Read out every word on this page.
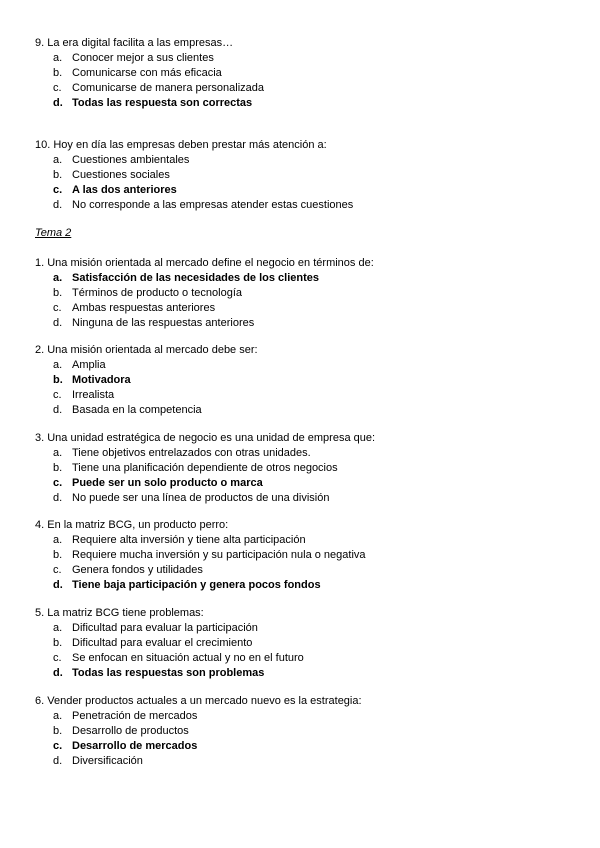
9. La era digital facilita a las empresas…
a. Conocer mejor a sus clientes
b. Comunicarse con más eficacia
c. Comunicarse de manera personalizada
d. Todas las respuesta son correctas
10. Hoy en día las empresas deben prestar más atención a:
a. Cuestiones ambientales
b. Cuestiones sociales
c. A las dos anteriores
d. No corresponde a las empresas atender estas cuestiones
Tema 2
1. Una misión orientada al mercado define el negocio en términos de:
a. Satisfacción de las necesidades de los clientes
b. Términos de producto o tecnología
c. Ambas respuestas anteriores
d. Ninguna de las respuestas anteriores
2. Una misión orientada al mercado debe ser:
a. Amplia
b. Motivadora
c. Irrealista
d. Basada en la competencia
3. Una unidad estratégica de negocio es una unidad de empresa que:
a. Tiene objetivos entrelazados con otras unidades.
b. Tiene una planificación dependiente de otros negocios
c. Puede ser un solo producto o marca
d. No puede ser una línea de productos de una división
4. En la matriz BCG, un producto perro:
a. Requiere alta inversión y tiene alta participación
b. Requiere mucha inversión y su participación nula o negativa
c. Genera fondos y utilidades
d. Tiene baja participación y genera pocos fondos
5. La matriz BCG tiene problemas:
a. Dificultad para evaluar la participación
b. Dificultad para evaluar el crecimiento
c. Se enfocan en situación actual y no en el futuro
d. Todas las respuestas son problemas
6. Vender productos actuales a un mercado nuevo es la estrategia:
a. Penetración de mercados
b. Desarrollo de productos
c. Desarrollo de mercados
d. Diversificación
